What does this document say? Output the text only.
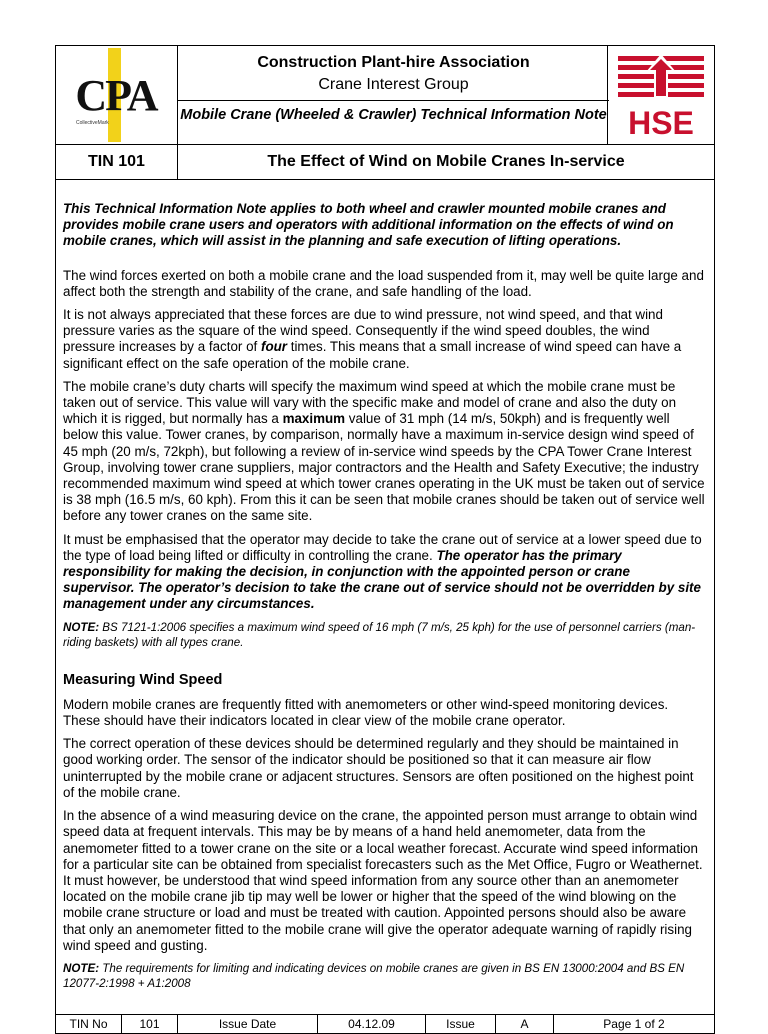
CPA
CollectiveMark
Construction Plant-hire Association
Crane Interest Group
Mobile Crane (Wheeled & Crawler) Technical Information Note HSE
TIN 101	The Effect of Wind on Mobile Cranes In-service

This Technical Information Note applies to both wheel and crawler mounted mobile cranes and provides mobile crane users and operators with additional information on the effects of wind on mobile cranes, which will assist in the planning and safe execution of lifting operations.

The wind forces exerted on both a mobile crane and the load suspended from it, may well be quite large and affect both the strength and stability of the crane, and safe handling of the load.

It is not always appreciated that these forces are due to wind pressure, not wind speed, and that wind pressure varies as the square of the wind speed. Consequently if the wind speed doubles, the wind pressure increases by a factor of four times. This means that a small increase of wind speed can have a significant effect on the safe operation of the mobile crane.

The mobile crane’s duty charts will specify the maximum wind speed at which the mobile crane must be taken out of service. This value will vary with the specific make and model of crane and also the duty on which it is rigged, but normally has a maximum value of 31 mph (14 m/s, 50kph) and is frequently well below this value. Tower cranes, by comparison, normally have a maximum in-service design wind speed of 45 mph (20 m/s, 72kph), but following a review of in-service wind speeds by the CPA Tower Crane Interest Group, involving tower crane suppliers, major contractors and the Health and Safety Executive; the industry recommended maximum wind speed at which tower cranes operating in the UK must be taken out of service is 38 mph (16.5 m/s, 60 kph). From this it can be seen that mobile cranes should be taken out of service well before any tower cranes on the same site.

It must be emphasised that the operator may decide to take the crane out of service at a lower speed due to the type of load being lifted or difficulty in controlling the crane. The operator has the primary responsibility for making the decision, in conjunction with the appointed person or crane supervisor. The operator’s decision to take the crane out of service should not be overridden by site management under any circumstances.

NOTE: BS 7121-1:2006 specifies a maximum wind speed of 16 mph (7 m/s, 25 kph) for the use of personnel carriers (man-riding baskets) with all types crane.

Measuring Wind Speed

Modern mobile cranes are frequently fitted with anemometers or other wind-speed monitoring devices. These should have their indicators located in clear view of the mobile crane operator.

The correct operation of these devices should be determined regularly and they should be maintained in good working order. The sensor of the indicator should be positioned so that it can measure air flow uninterrupted by the mobile crane or adjacent structures. Sensors are often positioned on the highest point of the mobile crane.

In the absence of a wind measuring device on the crane, the appointed person must arrange to obtain wind speed data at frequent intervals. This may be by means of a hand held anemometer, data from the anemometer fitted to a tower crane on the site or a local weather forecast. Accurate wind speed information for a particular site can be obtained from specialist forecasters such as the Met Office, Fugro or Weathernet. It must however, be understood that wind speed information from any source other than an anemometer located on the mobile crane jib tip may well be lower or higher that the speed of the wind blowing on the mobile crane structure or load and must be treated with caution. Appointed persons should also be aware that only an anemometer fitted to the mobile crane will give the operator adequate warning of rapidly rising wind speed and gusting.

NOTE: The requirements for limiting and indicating devices on mobile cranes are given in BS EN 13000:2004 and BS EN 12077-2:1998 + A1:2008

TIN No	101	Issue Date	04.12.09	Issue	A	Page 1 of 2
